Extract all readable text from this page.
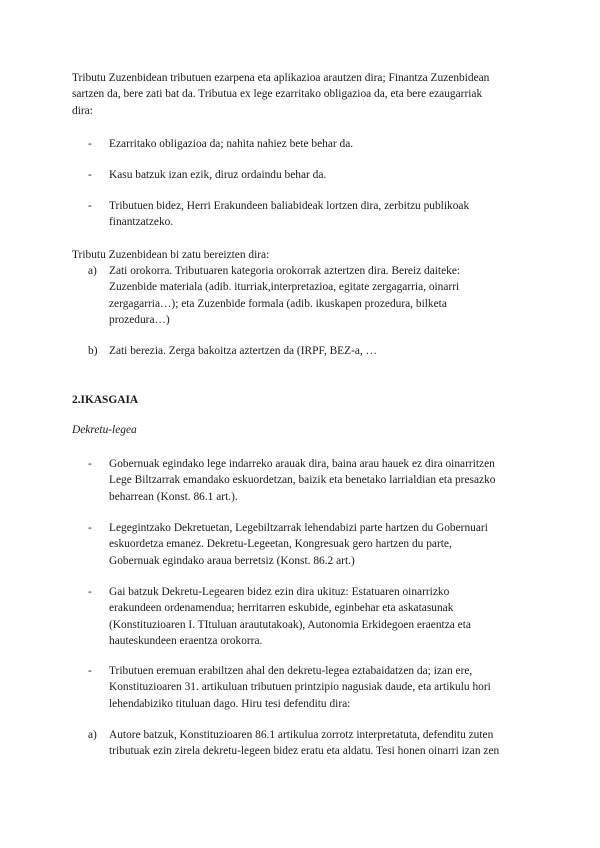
Tributu Zuzenbidean tributuen ezarpena eta aplikazioa arautzen dira; Finantza Zuzenbidean
sartzen da, bere zati bat da. Tributua ex lege ezarritako obligazioa da, eta bere ezaugarriak
dira:
-	Ezarritako obligazioa da; nahita nahiez bete behar da.
-	Kasu batzuk izan ezik, diruz ordaindu behar da.
-	Tributuen bidez, Herri Erakundeen baliabideak lortzen dira, zerbitzu publikoak
finantzatzeko.
Tributu Zuzenbidean bi zatu bereizten dira:
a)	Zati orokorra. Tributuaren kategoria orokorrak aztertzen dira. Bereiz daiteke:
Zuzenbide materiala (adib. iturriak,interpretazioa, egitate zergagarria, oinarri
zergagarria…); eta Zuzenbide formala (adib. ikuskapen prozedura, bilketa
prozedura…)
b)	Zati berezia. Zerga bakoitza aztertzen da (IRPF, BEZ-a, …
2.IKASGAIA
Dekretu-legea
-	Gobernuak egindako lege indarreko arauak dira, baina arau hauek ez dira oinarritzen
Lege Biltzarrak emandako eskuordetzan, baizik eta benetako larrialdian eta presazko
beharrean (Konst. 86.1 art.).
-	Legegintzako Dekretuetan, Legebiltzarrak lehendabizi parte hartzen du Gobernuari
eskuordetza emanez. Dekretu-Legeetan, Kongresuak gero hartzen du parte,
Gobernuak egindako araua berretsiz (Konst. 86.2 art.)
-	Gai batzuk Dekretu-Legearen bidez ezin dira ukituz: Estatuaren oinarrizko
erakundeen ordenamendua; herritarren eskubide, eginbehar eta askatasunak
(Konstituzioaren I. TItuluan araututakoak), Autonomia Erkidegoen eraentza eta
hauteskundeen eraentza orokorra.
-	Tributuen eremuan erabiltzen ahal den dekretu-legea eztabaidatzen da; izan ere,
Konstituzioaren 31. artikuluan tributuen printzipio nagusiak daude, eta artikulu hori
lehendabiziko tituluan dago. Hiru tesi defenditu dira:
a)	Autore batzuk, Konstituzioaren 86.1 artikulua zorrotz interpretatuta, defenditu zuten
tributuak ezin zirela dekretu-legeen bidez eratu eta aldatu. Tesi honen oinarri izan zen
